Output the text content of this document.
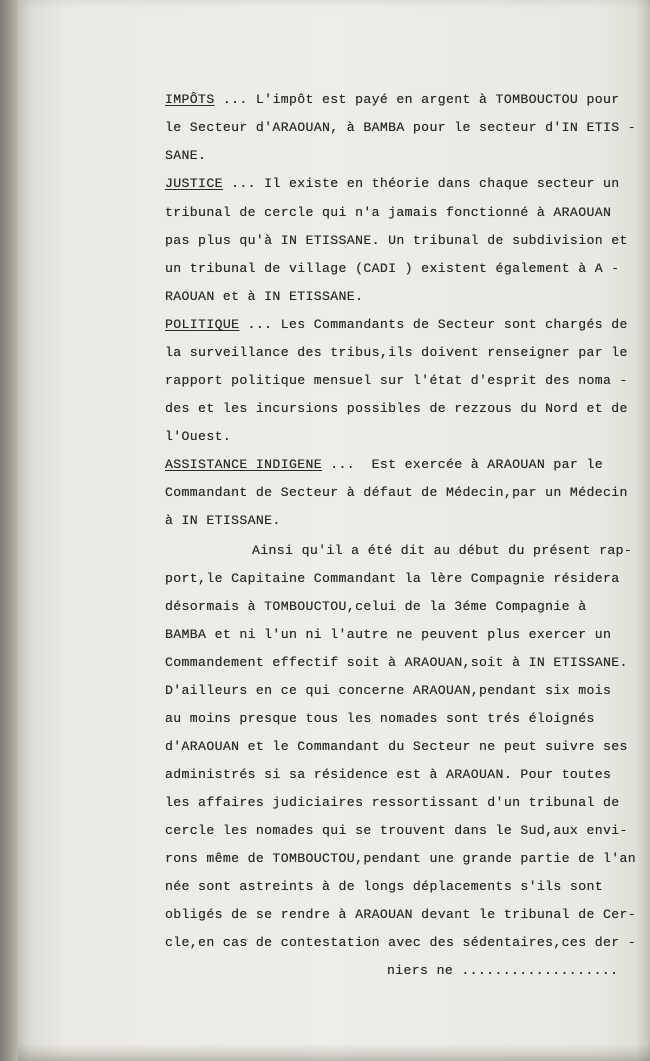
IMPÔTS ... L'impôt est payé en argent à TOMBOUCTOU pour
le Secteur d'ARAOUAN, à BAMBA pour le secteur d'IN ETIS -
SANE.
JUSTICE ... Il existe en théorie dans chaque secteur un
tribunal de cercle qui n'a jamais fonctionné à ARAOUAN
pas plus qu'à IN ETISSANE. Un tribunal de subdivision et
un tribunal de village (CADI ) existent également à A -
RAOUAN et à IN ETISSANE.
POLITIQUE ... Les Commandants de Secteur sont chargés de
la surveillance des tribus,ils doivent renseigner par le
rapport politique mensuel sur l'état d'esprit des noma -
des et les incursions possibles de rezzous du Nord et de
l'Ouest.
ASSISTANCE INDIGENE ...  Est exercée à ARAOUAN par le
Commandant de Secteur à défaut de Médecin,par un Médecin
à IN ETISSANE.
Ainsi qu'il a été dit au début du présent rap-
port,le Capitaine Commandant la lère Compagnie résidera
désormais à TOMBOUCTOU,celui de la 3éme Compagnie à
BAMBA et ni l'un ni l'autre ne peuvent plus exercer un
Commandement effectif soit à ARAOUAN,soit à IN ETISSANE.
D'ailleurs en ce qui concerne ARAOUAN,pendant six mois
au moins presque tous les nomades sont trés éloignés
d'ARAOUAN et le Commandant du Secteur ne peut suivre ses
administrés si sa résidence est à ARAOUAN. Pour toutes
les affaires judiciaires ressortissant d'un tribunal de
cercle les nomades qui se trouvent dans le Sud,aux envi-
rons même de TOMBOUCTOU,pendant une grande partie de l'an
née sont astreints à de longs déplacements s'ils sont
obligés de se rendre à ARAOUAN devant le tribunal de Cer-
cle,en cas de contestation avec des sédentaires,ces der -
niers ne ...................
